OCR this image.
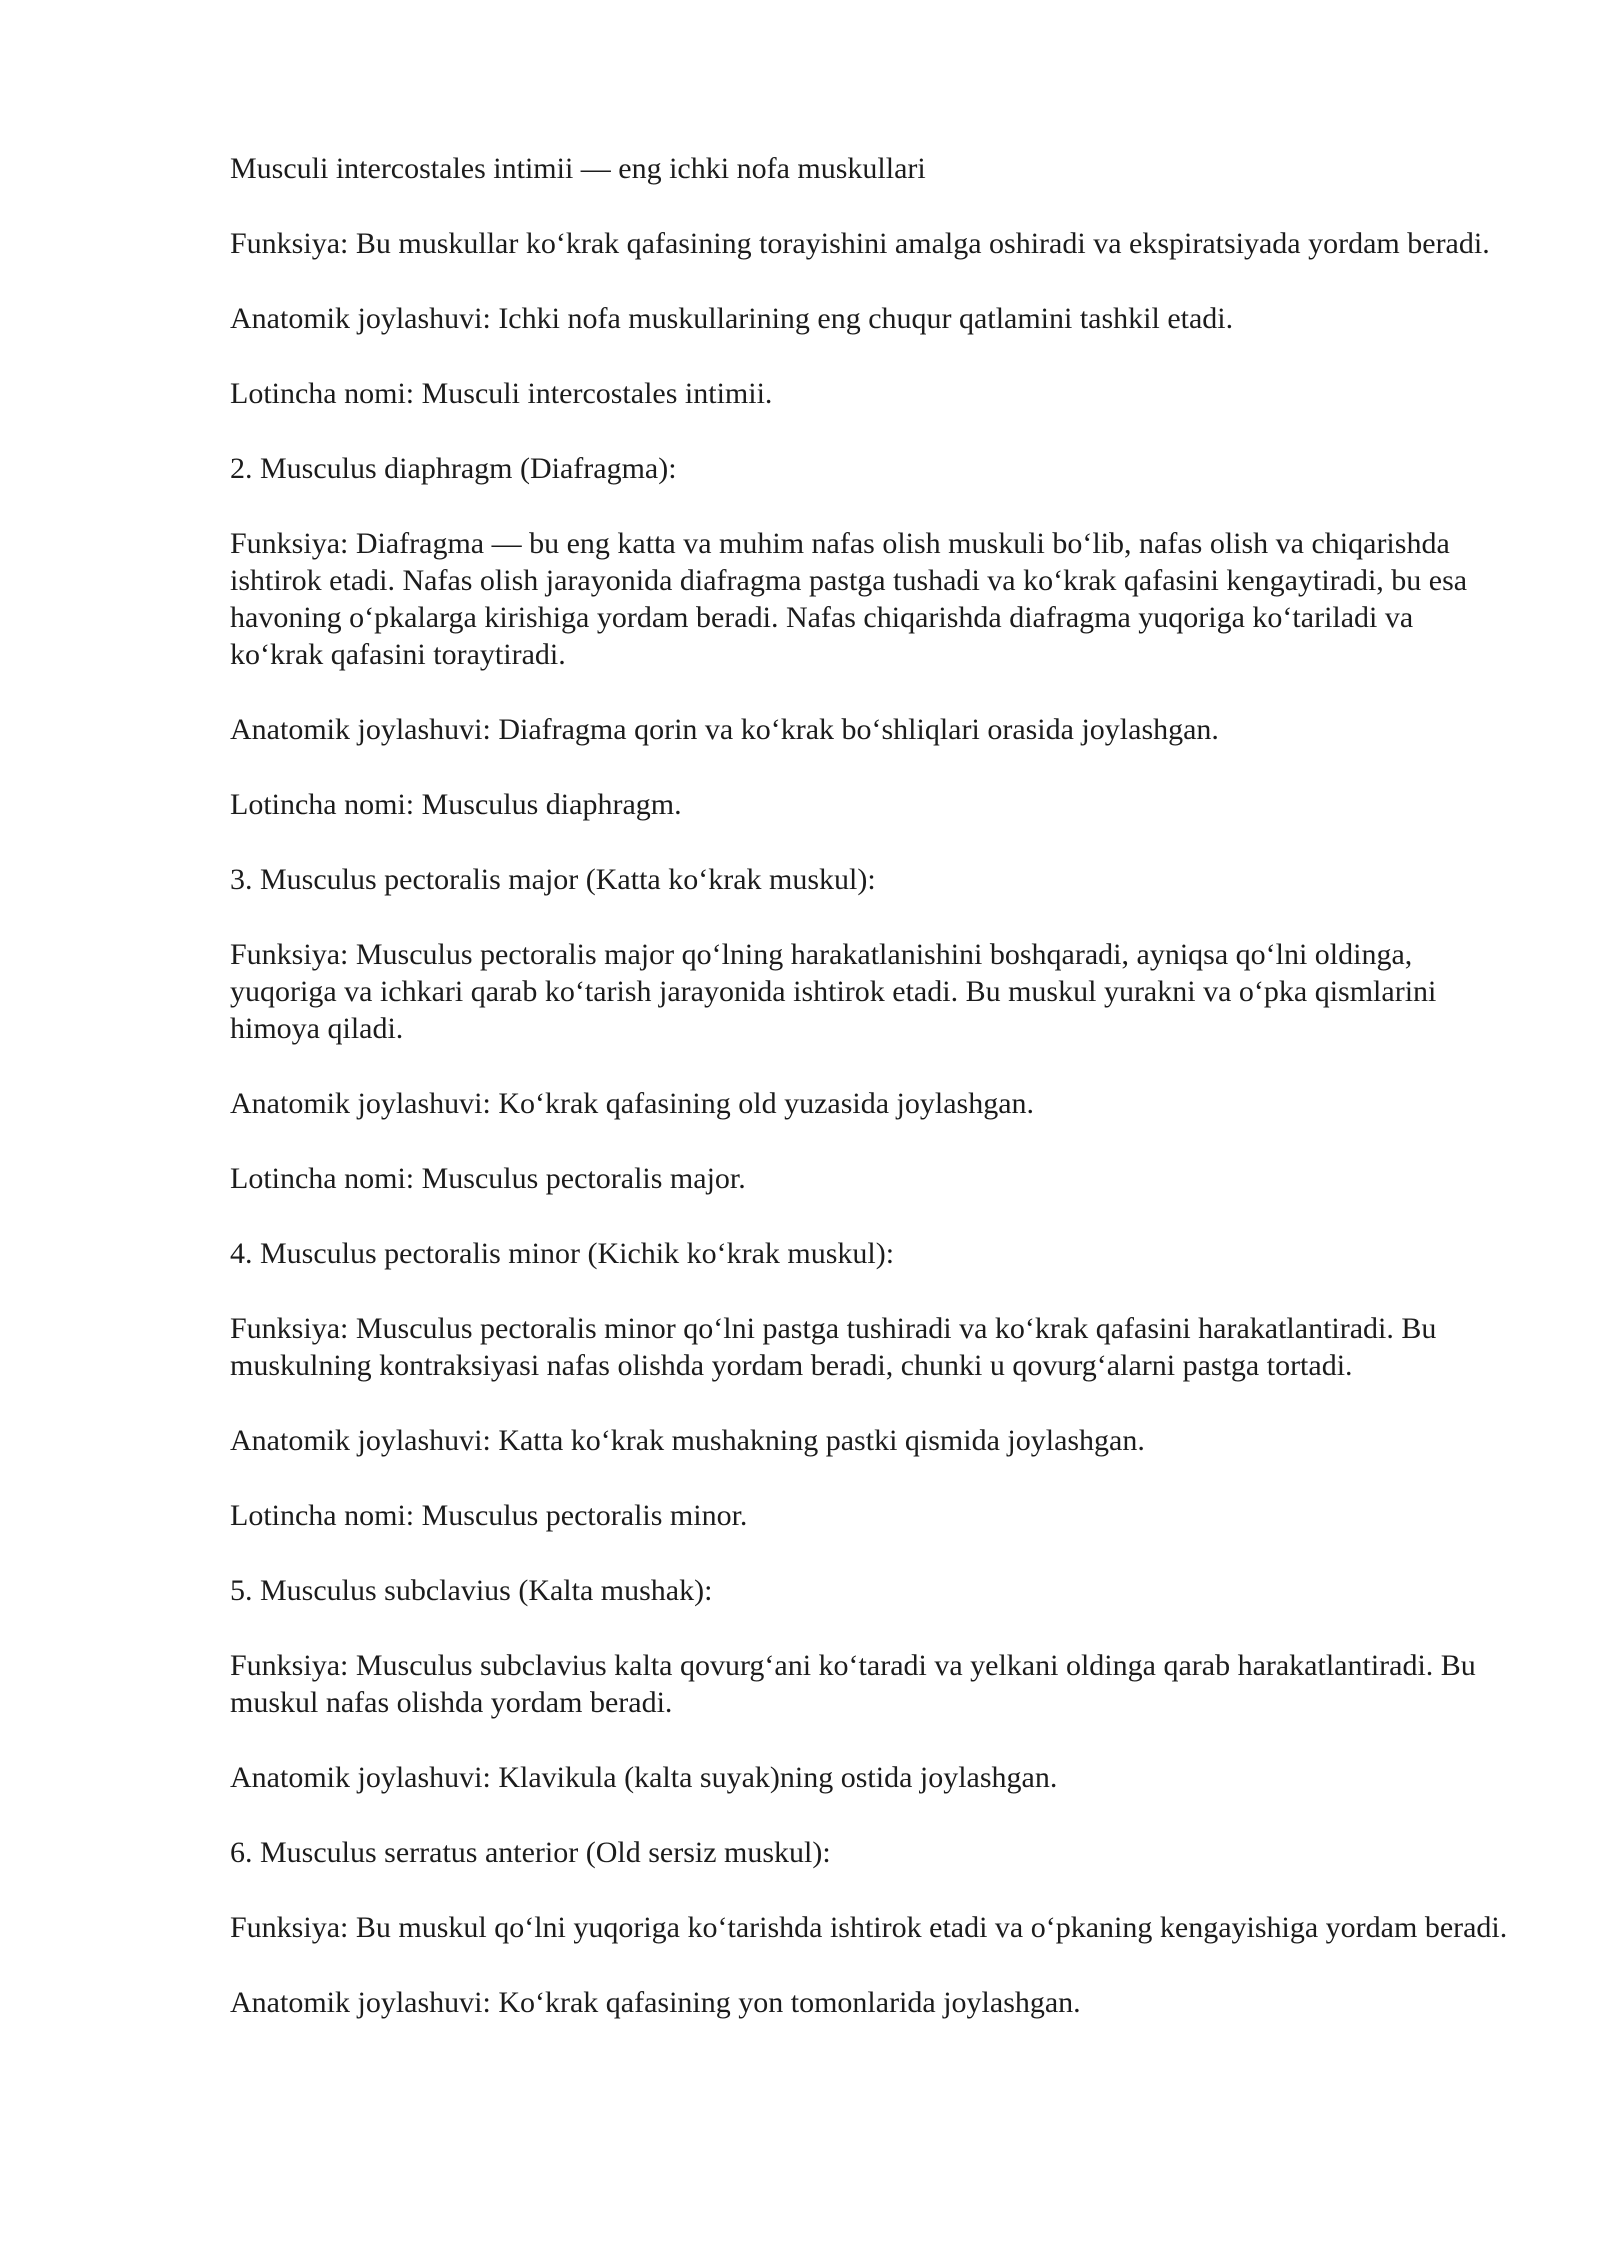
Musculi intercostales intimii — eng ichki nofa muskullari

Funksiya: Bu muskullar ko‘krak qafasining torayishini amalga oshiradi va ekspiratsiyada yordam beradi.

Anatomik joylashuvi: Ichki nofa muskullarining eng chuqur qatlamini tashkil etadi.

Lotincha nomi: Musculi intercostales intimii.

2. Musculus diaphragm (Diafragma):

Funksiya: Diafragma — bu eng katta va muhim nafas olish muskuli bo‘lib, nafas olish va chiqarishda ishtirok etadi. Nafas olish jarayonida diafragma pastga tushadi va ko‘krak qafasini kengaytiradi, bu esa havoning o‘pkalarga kirishiga yordam beradi. Nafas chiqarishda diafragma yuqoriga ko‘tariladi va ko‘krak qafasini toraytiradi.

Anatomik joylashuvi: Diafragma qorin va ko‘krak bo‘shliqlari orasida joylashgan.

Lotincha nomi: Musculus diaphragm.

3. Musculus pectoralis major (Katta ko‘krak muskul):

Funksiya: Musculus pectoralis major qo‘lning harakatlanishini boshqaradi, ayniqsa qo‘lni oldinga, yuqoriga va ichkari qarab ko‘tarish jarayonida ishtirok etadi. Bu muskul yurakni va o‘pka qismlarini himoya qiladi.

Anatomik joylashuvi: Ko‘krak qafasining old yuzasida joylashgan.

Lotincha nomi: Musculus pectoralis major.

4. Musculus pectoralis minor (Kichik ko‘krak muskul):

Funksiya: Musculus pectoralis minor qo‘lni pastga tushiradi va ko‘krak qafasini harakatlantiradi. Bu muskulning kontraksiyasi nafas olishda yordam beradi, chunki u qovurg‘alarni pastga tortadi.

Anatomik joylashuvi: Katta ko‘krak mushakning pastki qismida joylashgan.

Lotincha nomi: Musculus pectoralis minor.

5. Musculus subclavius (Kalta mushak):

Funksiya: Musculus subclavius kalta qovurg‘ani ko‘taradi va yelkani oldinga qarab harakatlantiradi. Bu muskul nafas olishda yordam beradi.

Anatomik joylashuvi: Klavikula (kalta suyak)ning ostida joylashgan.

6. Musculus serratus anterior (Old sersiz muskul):

Funksiya: Bu muskul qo‘lni yuqoriga ko‘tarishda ishtirok etadi va o‘pkaning kengayishiga yordam beradi.

Anatomik joylashuvi: Ko‘krak qafasining yon tomonlarida joylashgan.
